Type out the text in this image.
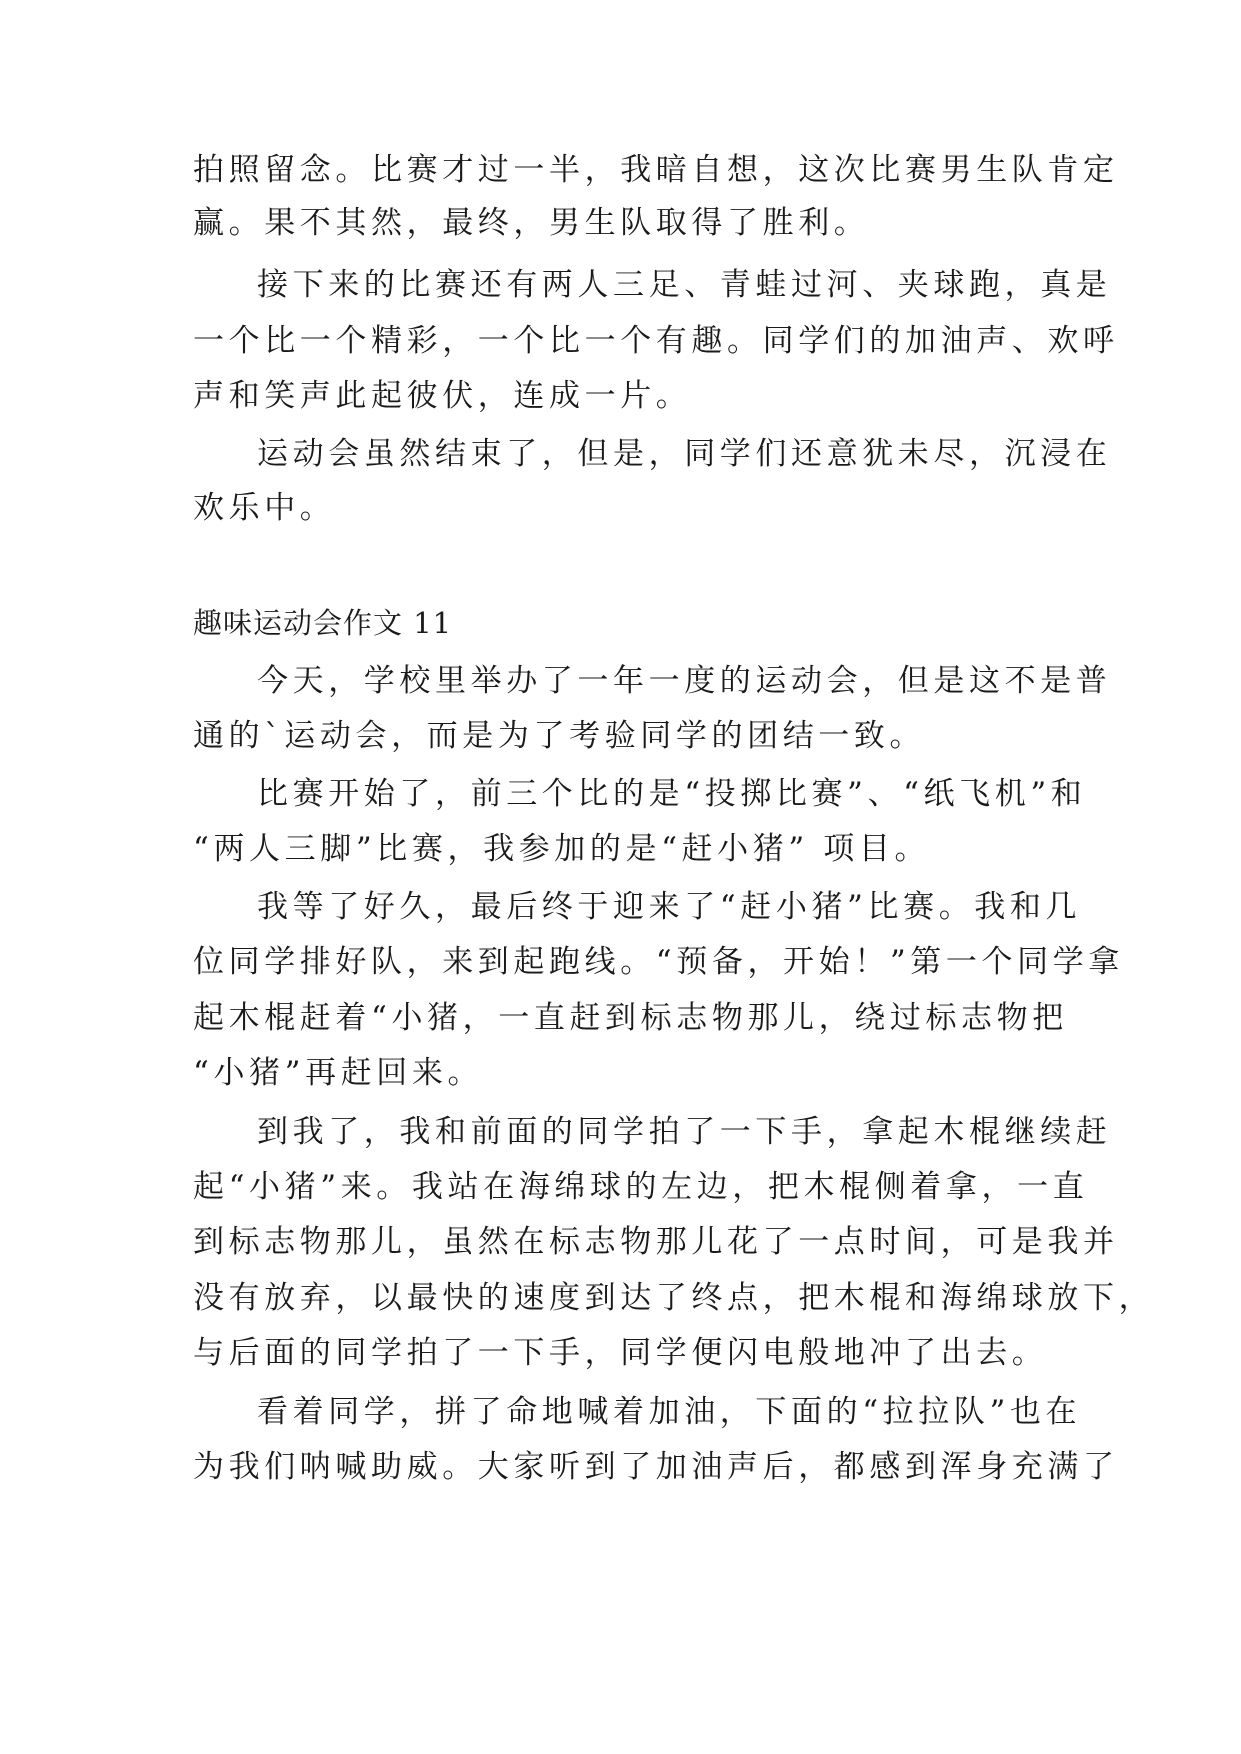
拍照留念。比赛才过一半，我暗自想，这次比赛男生队肯定
赢。果不其然，最终，男生队取得了胜利。
接下来的比赛还有两人三足、青蛙过河、夹球跑，真是
一个比一个精彩，一个比一个有趣。同学们的加油声、欢呼
声和笑声此起彼伏，连成一片。
运动会虽然结束了，但是，同学们还意犹未尽，沉浸在
欢乐中。
趣味运动会作文 11
今天，学校里举办了一年一度的运动会，但是这不是普
通的`运动会，而是为了考验同学的团结一致。
比赛开始了，前三个比的是“投掷比赛”、“纸飞机”和
“两人三脚”比赛，我参加的是“赶小猪” 项目。
我等了好久，最后终于迎来了“赶小猪”比赛。我和几
位同学排好队，来到起跑线。“预备，开始！”第一个同学拿
起木棍赶着“小猪，一直赶到标志物那儿，绕过标志物把
“小猪”再赶回来。
到我了，我和前面的同学拍了一下手，拿起木棍继续赶
起“小猪”来。我站在海绵球的左边，把木棍侧着拿，一直
到标志物那儿，虽然在标志物那儿花了一点时间，可是我并
没有放弃，以最快的速度到达了终点，把木棍和海绵球放下，
与后面的同学拍了一下手，同学便闪电般地冲了出去。
看着同学，拼了命地喊着加油，下面的“拉拉队”也在
为我们呐喊助威。大家听到了加油声后，都感到浑身充满了
